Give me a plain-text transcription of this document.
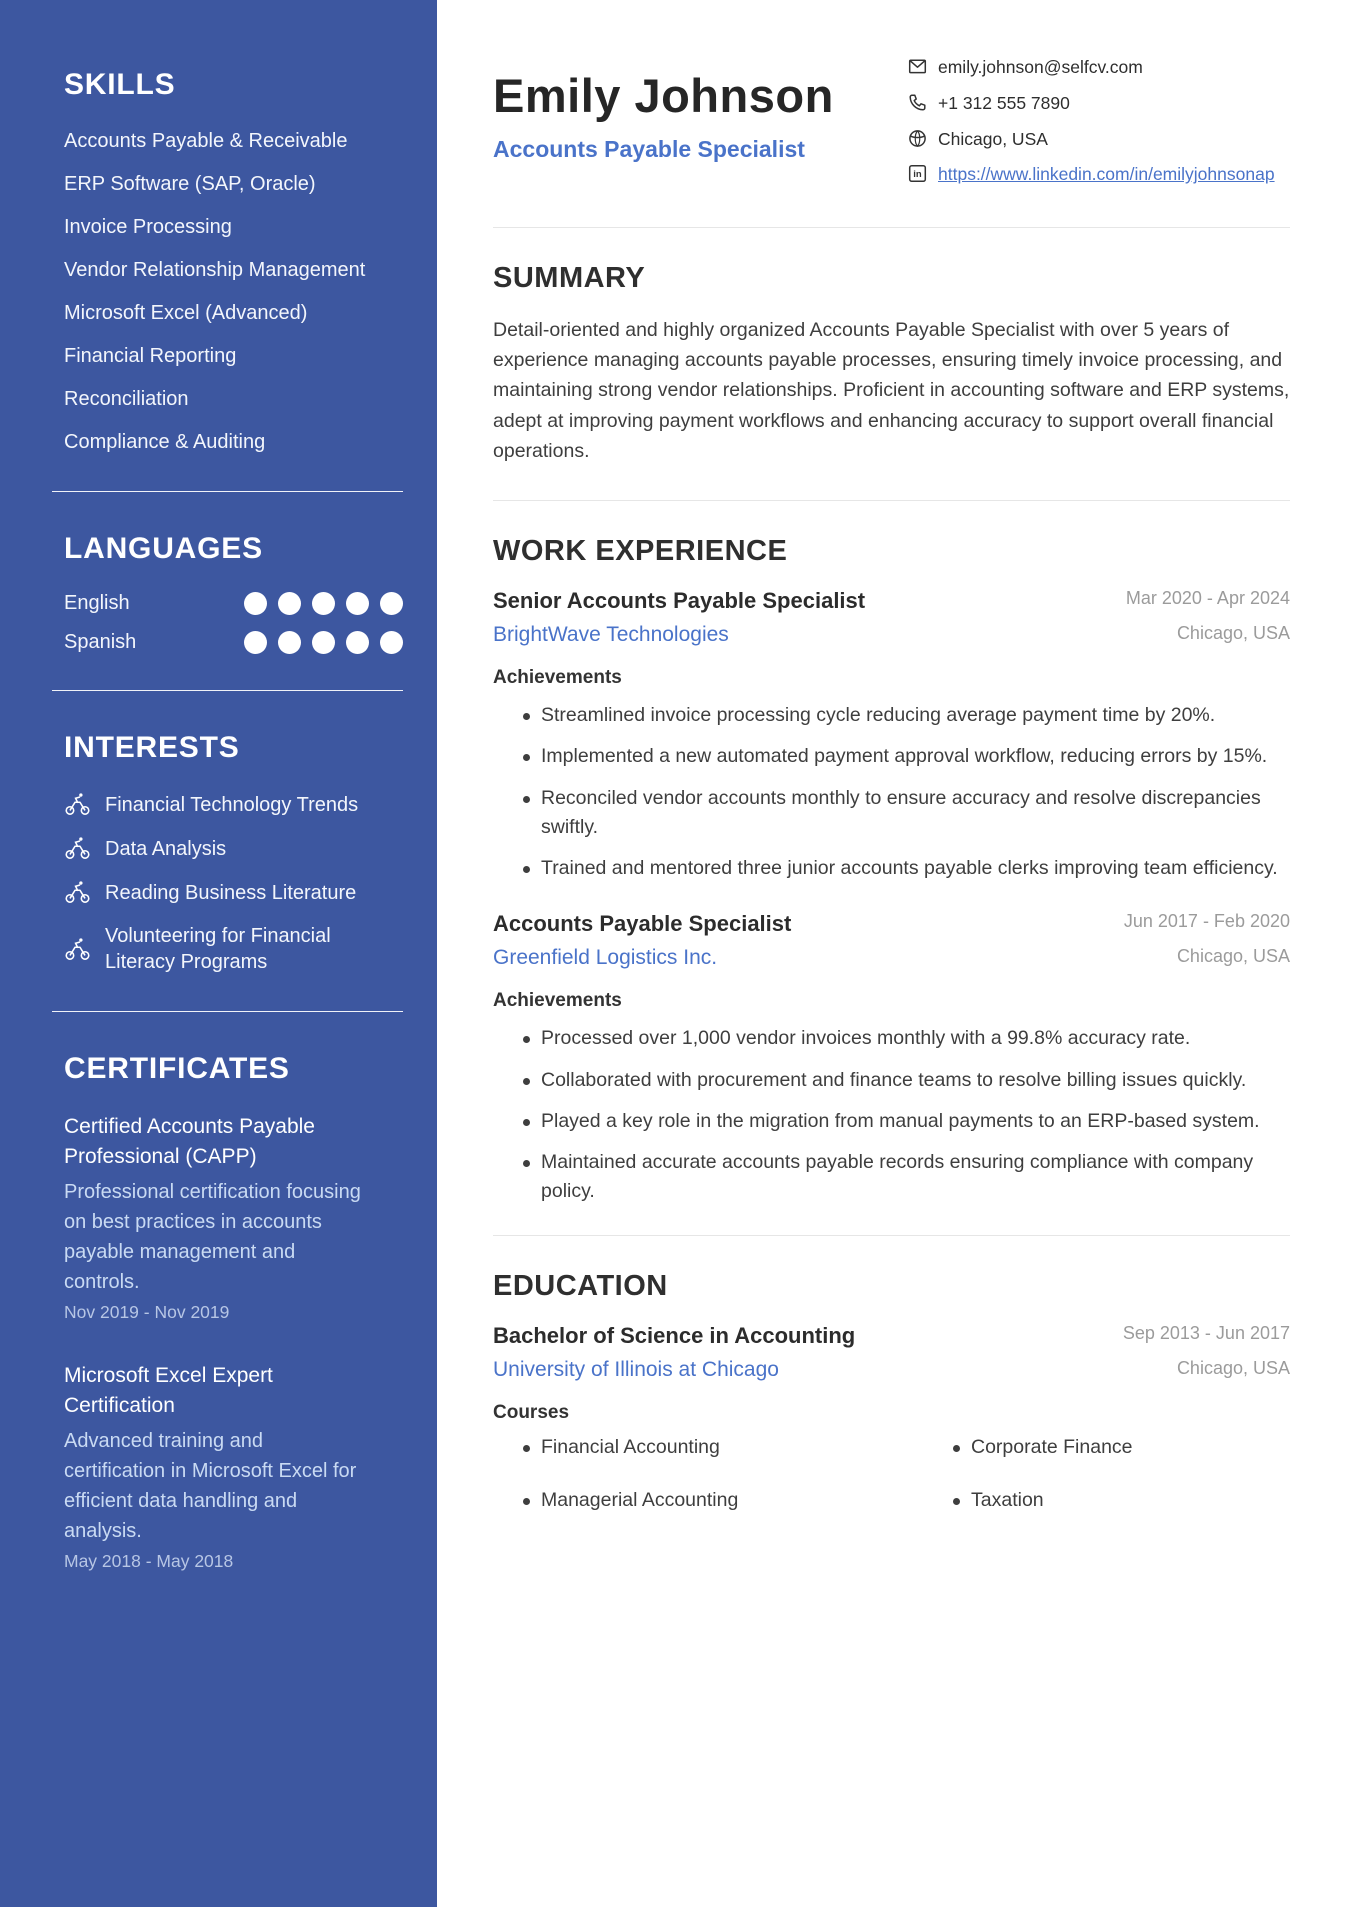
SKILLS
Accounts Payable & Receivable
ERP Software (SAP, Oracle)
Invoice Processing
Vendor Relationship Management
Microsoft Excel (Advanced)
Financial Reporting
Reconciliation
Compliance & Auditing
LANGUAGES
English
Spanish
INTERESTS
Financial Technology Trends
Data Analysis
Reading Business Literature
Volunteering for Financial Literacy Programs
CERTIFICATES
Certified Accounts Payable Professional (CAPP)
Professional certification focusing on best practices in accounts payable management and controls.
Nov 2019 - Nov 2019
Microsoft Excel Expert Certification
Advanced training and certification in Microsoft Excel for efficient data handling and analysis.
May 2018 - May 2018
Emily Johnson
Accounts Payable Specialist
emily.johnson@selfcv.com
+1 312 555 7890
Chicago, USA
in https://www.linkedin.com/in/emilyjohnsonap
SUMMARY

Detail-oriented and highly organized Accounts Payable Specialist with over 5 years of experience managing accounts payable processes, ensuring timely invoice processing, and maintaining strong vendor relationships. Proficient in accounting software and ERP systems, adept at improving payment workflows and enhancing accuracy to support overall financial operations.

WORK EXPERIENCE
Senior Accounts Payable Specialist
BrightWave Technologies
Mar 2020 - Apr 2024
Chicago, USA
Achievements
Streamlined invoice processing cycle reducing average payment time by 20%.
Implemented a new automated payment approval workflow, reducing errors by 15%.
Reconciled vendor accounts monthly to ensure accuracy and resolve discrepancies swiftly.
Trained and mentored three junior accounts payable clerks improving team efficiency.
Accounts Payable Specialist
Greenfield Logistics Inc.
Jun 2017 - Feb 2020
Chicago, USA
Achievements
Processed over 1,000 vendor invoices monthly with a 99.8% accuracy rate.
Collaborated with procurement and finance teams to resolve billing issues quickly.
Played a key role in the migration from manual payments to an ERP-based system.
Maintained accurate accounts payable records ensuring compliance with company policy.
EDUCATION
Bachelor of Science in Accounting
University of Illinois at Chicago
Sep 2013 - Jun 2017
Chicago, USA
Courses
Financial Accounting	Corporate Finance
Managerial Accounting	Taxation
